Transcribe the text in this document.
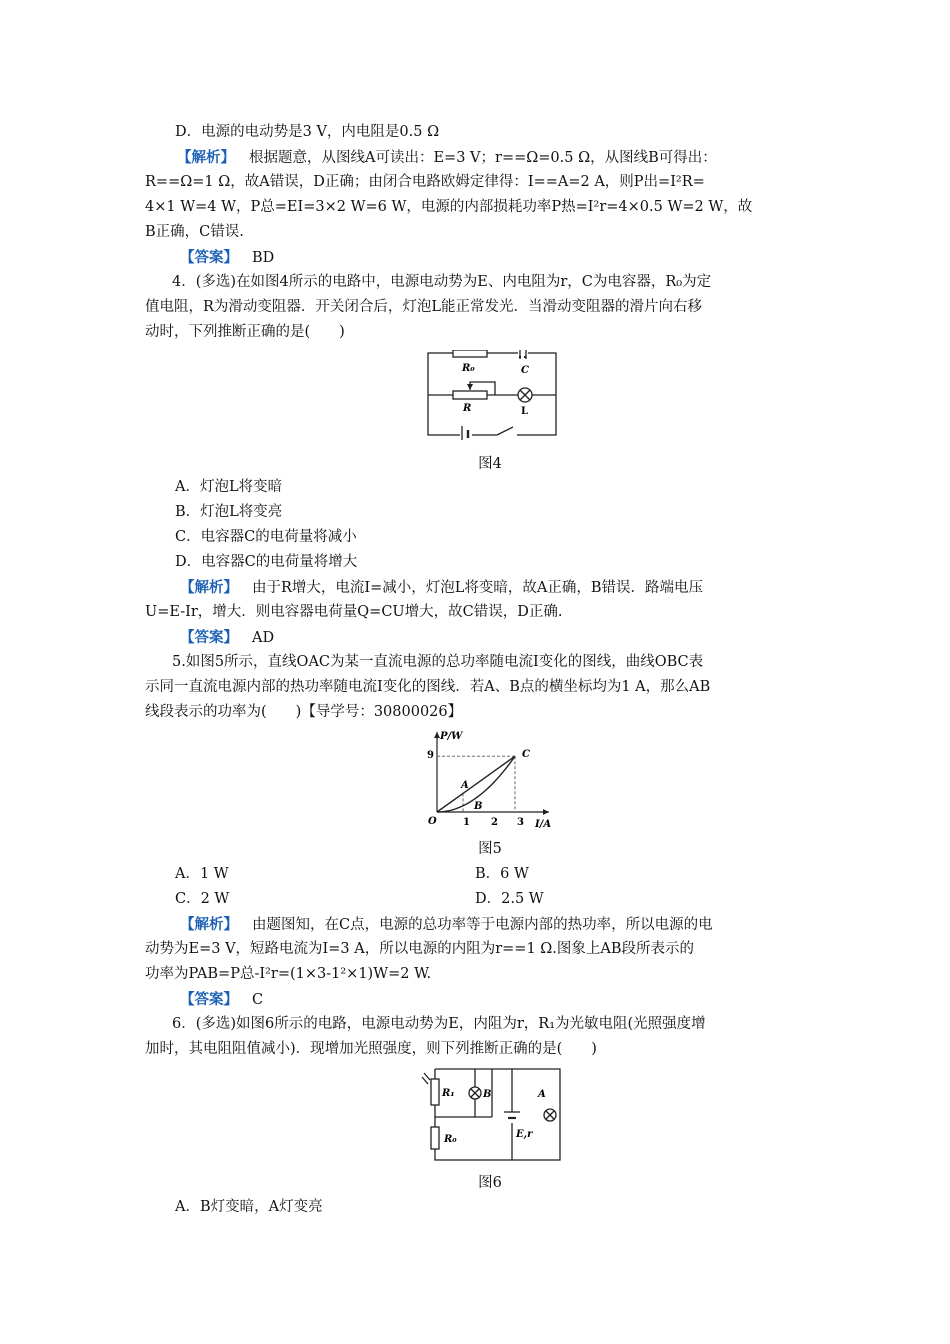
D．电源的电动势是3 V，内电阻是0.5 Ω
【解析】 根据题意，从图线A可读出：E=3 V；r==Ω=0.5 Ω，从图线B可得出：
R==Ω=1 Ω，故A错误，D正确；由闭合电路欧姆定律得：I==A=2 A，则P出=I²R=
4×1 W=4 W，P总=EI=3×2 W=6 W，电源的内部损耗功率P热=I²r=4×0.5 W=2 W，故
B正确，C错误.
【答案】 BD
4．(多选)在如图4所示的电路中，电源电动势为E、内电阻为r，C为电容器，R₀为定
值电阻，R为滑动变阻器．开关闭合后，灯泡L能正常发光．当滑动变阻器的滑片向右移
动时，下列推断正确的是(　　)
R₀	C
R	L
图4
A．灯泡L将变暗
B．灯泡L将变亮
C．电容器C的电荷量将减小
D．电容器C的电荷量将增大
【解析】 由于R增大，电流I=减小，灯泡L将变暗，故A正确，B错误．路端电压
U=E-Ir，增大．则电容器电荷量Q=CU增大，故C错误，D正确.
【答案】 AD
5.如图5所示，直线OAC为某一直流电源的总功率随电流I变化的图线，曲线OBC表
示同一直流电源内部的热功率随电流I变化的图线．若A、B点的横坐标均为1 A，那么AB
线段表示的功率为(　　)【导学号：30800026】
P/W
I/A
O
9
1 2 3
A
B
C
图5
A．1 W	B．6 W
C．2 W	D．2.5 W
【解析】 由题图知，在C点，电源的总功率等于电源内部的热功率，所以电源的电
动势为E=3 V，短路电流为I=3 A，所以电源的内阻为r==1 Ω.图象上AB段所表示的
功率为PAB=P总-I²r=(1×3-1²×1)W=2 W.
【答案】 C
6．(多选)如图6所示的电路，电源电动势为E，内阻为r，R₁为光敏电阻(光照强度增
加时，其电阻阻值减小)．现增加光照强度，则下列推断正确的是(　　)
R₁	B	A
R₀	E,r
图6
A．B灯变暗，A灯变亮
